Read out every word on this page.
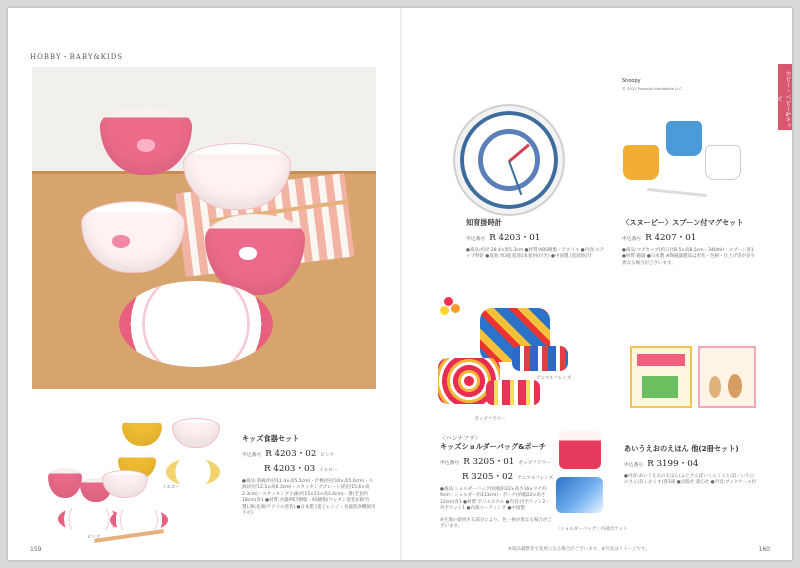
HOBBY・BABY&KIDS
ホビー・ベビー&キッズ
イエロー
ピンク
キッズ食器セット
申込番号 R 4203・02 ピンク
R 4203・03 イエロー
●商品:茶碗(約径11.4×高5.5cm)・汁椀(約径10×高5.6cm)・小鉢(約径12.5×高6.3cm)・スタッキングプレート(約径15.6×高2.3cm)・スタッキング小鉢(約15×13×高3.4cm)・箸(全長約18cm)各1 ●材質:食器/PET樹脂・AS樹脂(ウレタン塗装)(箸/竹製),箸(先端/アクリル塗装) ●日本製 [電子レンジ・食器洗浄機使用不可]
知育掛時計
申込番号 R 4203・01
●商品:約径 28.4×奥5.3cm ●材質:ABS樹脂・アクリル ●内容:ステップ秒針 ●電池:単3乾電池1本使用(付き) ●中国製 [電池時計]
Snoopy
© 2021 Peanuts Worldwide LLC
〈スヌーピー〉スプーン付マグセット
申込番号 R 4207・01
●商品:マグカップ(約口径8.5×高8.5cm・340ml)・スプーン各1 ●材質:磁器 ●日本製 ※陶磁器製品は形状・色柄・仕上げ等が多少異なる場合がございます。
アニマルフレンズ
ポップフラワー
〈ハンナフラ〉
キッズショルダーバッグ&ポーチ
申込番号 R 3205・01 ポップフラワー
R 3205・02 アニマルフレンズ
●商品:ショルダーバッグ(約幅約22×高さ16×マチ約9cm・ショルダー約113cm)・ポーチ(約幅22×高さ12cm)各1 ●材質:ポリエステル ●内容:内ポケット2・外ポケット1 ●内部コーティング ●中国製
※生地の使用する部分により、色・柄が異なる場合がございます。
〈ショルダーバッグ〉内部ポケット
あいうえおのえほん 他(2冊セット)
申込番号 R 3199・04
●内容:あいうえおのえほん(ふとさんばいくらくことば)・いちにのさんぽ(しかくす)各1冊 ●出版社:童心社 ●内容:ブックケース付
159	※商品調整等で変更になる場合がございます。※写真はイメージです。	160
